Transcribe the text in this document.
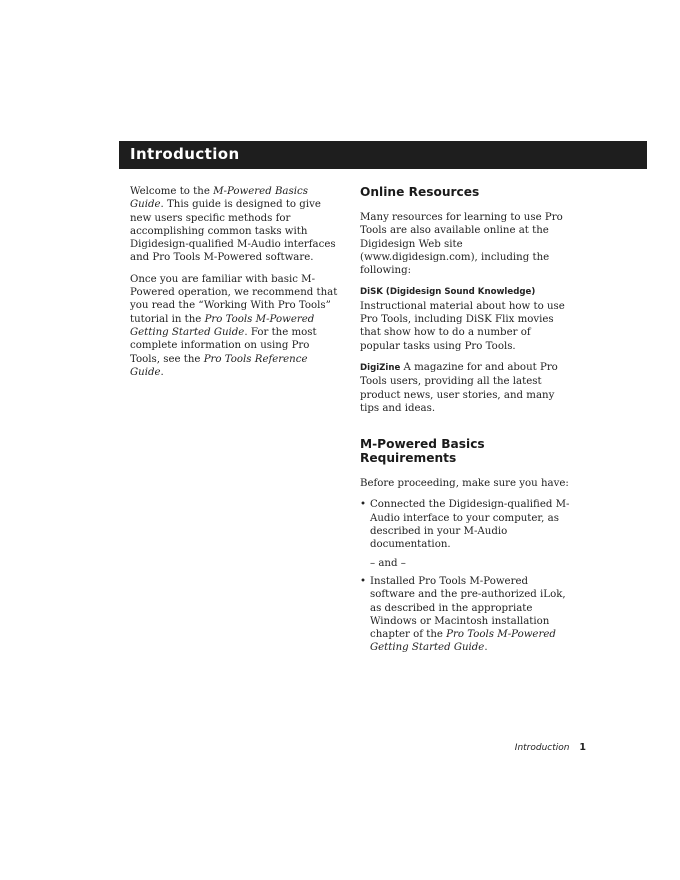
Introduction

Welcome to the M-Powered Basics Guide. This guide is designed to give new users specific methods for accomplishing common tasks with Digidesign-qualified M-Audio interfaces and Pro Tools M-Powered software.

Once you are familiar with basic M-Powered operation, we recommend that you read the “Working With Pro Tools” tutorial in the Pro Tools M-Powered Getting Started Guide. For the most complete information on using Pro Tools, see the Pro Tools Reference Guide.

Online Resources

Many resources for learning to use Pro Tools are also available online at the Digidesign Web site (www.digidesign.com), including the following:

DiSK (Digidesign Sound Knowledge) Instructional material about how to use Pro Tools, including DiSK Flix movies that show how to do a number of popular tasks using Pro Tools.

DigiZine A magazine for and about Pro Tools users, providing all the latest product news, user stories, and many tips and ideas.

M-Powered Basics Requirements

Before proceeding, make sure you have:

• Connected the Digidesign-qualified M-Audio interface to your computer, as described in your M-Audio documentation.

– and –

• Installed Pro Tools M-Powered software and the pre-authorized iLok, as described in the appropriate Windows or Macintosh installation chapter of the Pro Tools M-Powered Getting Started Guide.

Introduction 1
